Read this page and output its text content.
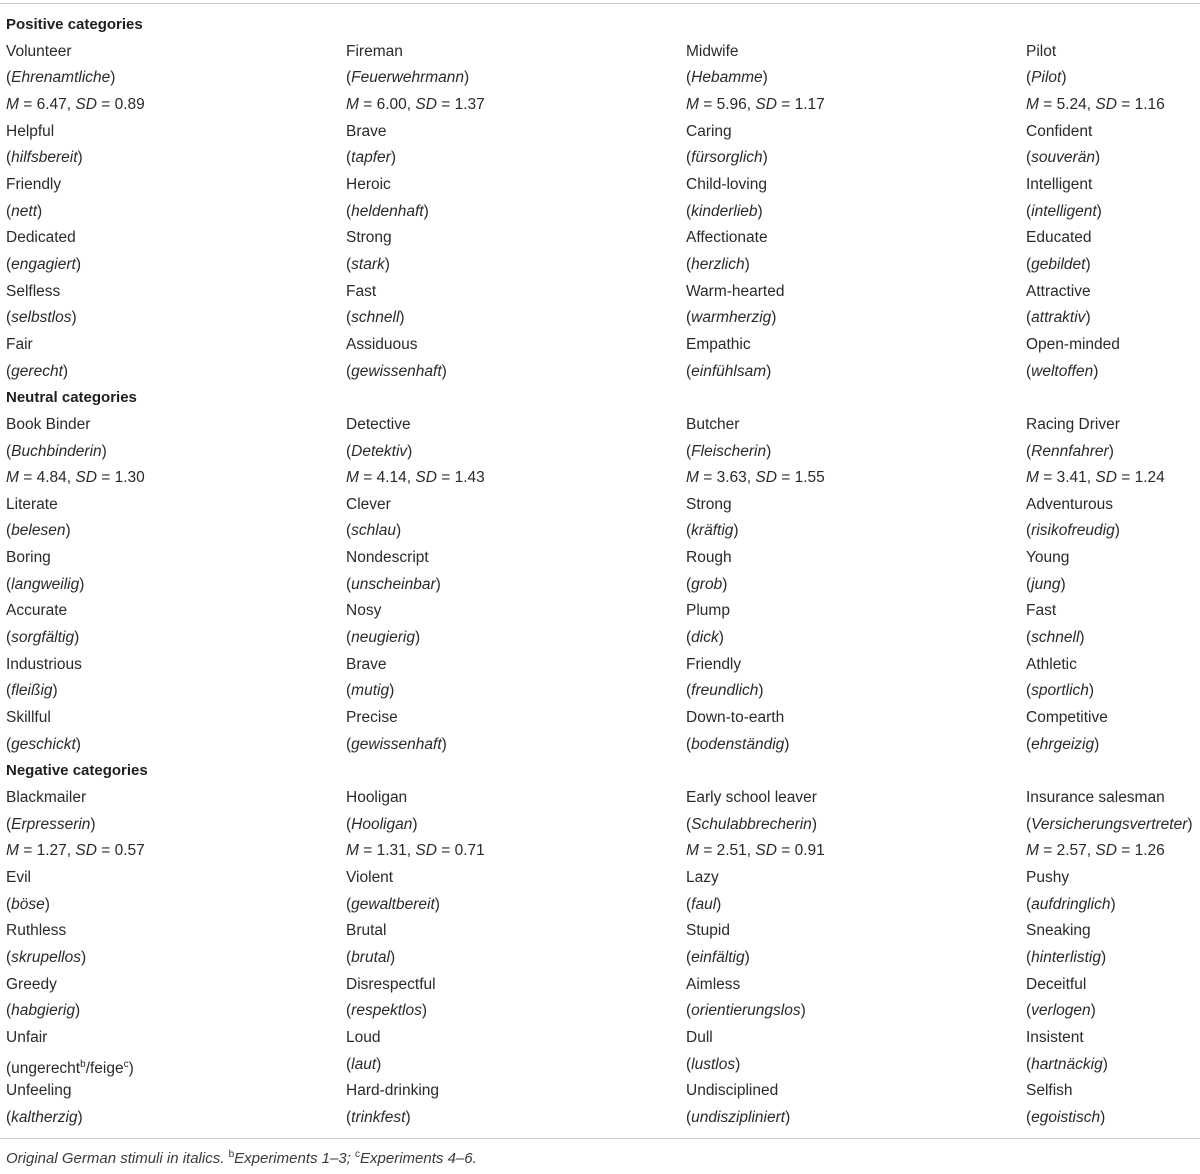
Positive categories
Volunteer	Fireman	Midwife	Pilot
(Ehrenamtliche)	(Feuerwehrmann)	(Hebamme)	(Pilot)
M = 6.47, SD = 0.89	M = 6.00, SD = 1.37	M = 5.96, SD = 1.17	M = 5.24, SD = 1.16
Helpful	Brave	Caring	Confident
(hilfsbereit)	(tapfer)	(fürsorglich)	(souverän)
Friendly	Heroic	Child-loving	Intelligent
(nett)	(heldenhaft)	(kinderlieb)	(intelligent)
Dedicated	Strong	Affectionate	Educated
(engagiert)	(stark)	(herzlich)	(gebildet)
Selfless	Fast	Warm-hearted	Attractive
(selbstlos)	(schnell)	(warmherzig)	(attraktiv)
Fair	Assiduous	Empathic	Open-minded
(gerecht)	(gewissenhaft)	(einfühlsam)	(weltoffen)
Neutral categories
Book Binder	Detective	Butcher	Racing Driver
(Buchbinderin)	(Detektiv)	(Fleischerin)	(Rennfahrer)
M = 4.84, SD = 1.30	M = 4.14, SD = 1.43	M = 3.63, SD = 1.55	M = 3.41, SD = 1.24
Literate	Clever	Strong	Adventurous
(belesen)	(schlau)	(kräftig)	(risikofreudig)
Boring	Nondescript	Rough	Young
(langweilig)	(unscheinbar)	(grob)	(jung)
Accurate	Nosy	Plump	Fast
(sorgfältig)	(neugierig)	(dick)	(schnell)
Industrious	Brave	Friendly	Athletic
(fleißig)	(mutig)	(freundlich)	(sportlich)
Skillful	Precise	Down-to-earth	Competitive
(geschickt)	(gewissenhaft)	(bodenständig)	(ehrgeizig)
Negative categories
Blackmailer	Hooligan	Early school leaver	Insurance salesman
(Erpresserin)	(Hooligan)	(Schulabbrecherin)	(Versicherungsvertreter)
M = 1.27, SD = 0.57	M = 1.31, SD = 0.71	M = 2.51, SD = 0.91	M = 2.57, SD = 1.26
Evil	Violent	Lazy	Pushy
(böse)	(gewaltbereit)	(faul)	(aufdringlich)
Ruthless	Brutal	Stupid	Sneaking
(skrupellos)	(brutal)	(einfältig)	(hinterlistig)
Greedy	Disrespectful	Aimless	Deceitful
(habgierig)	(respektlos)	(orientierungslos)	(verlogen)
Unfair	Loud	Dull	Insistent
(ungerecht$^b$/feige$^c$)	(laut)	(lustlos)	(hartnäckig)
Unfeeling	Hard-drinking	Undisciplined	Selfish
(kaltherzig)	(trinkfest)	(undiszipliniert)	(egoistisch)
Original German stimuli in italics. $^b$Experiments 1–3; $^c$Experiments 4–6.
